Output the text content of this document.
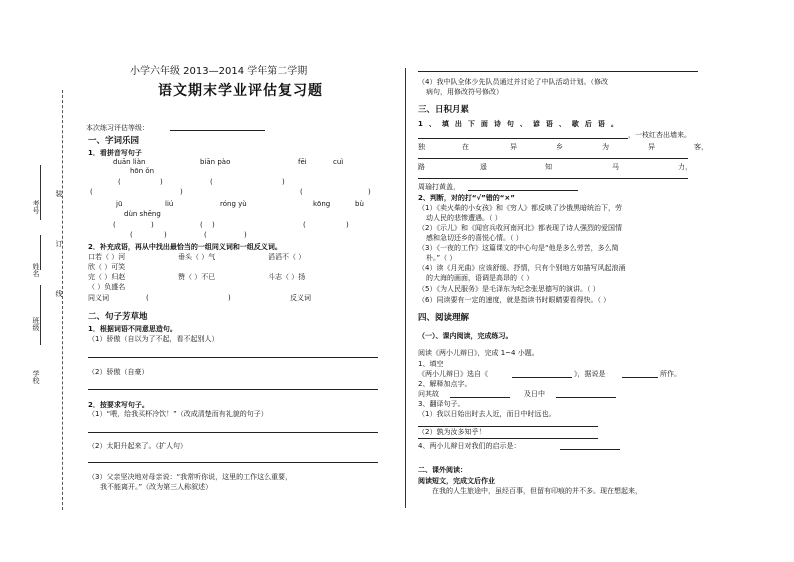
学校
班级
姓名
考号
装
订
线
小学六年级 2013—2014 学年第二学期
语文期末学业评估复习题
本次练习评估等级：
一、字词乐园
1．看拼音写句子
duān liàn	biān pào	fēi	cuì
hōn ǒn
(	)	(	)
(	)	(	)
jū	liú	róng yù	kōng	bù
dùn shēng
(	)	( )	(	)
(	)	(	)
2．补充成语，再从中找出最恰当的一组同义词和一组反义词。
口若（ ）河	垂头（ ）气	滔滔不（ ）
欣（ ）可笑
完（ ）归赵	赞（ ）不已	斗志（ ）扬
（ ）负盛名
同义词	(	)	反义词
二、句子芳草地
1．根据词语不同意思造句。
（1）骄傲（自以为了不起，看不起别人）
（2）骄傲（自豪）
2．按要求写句子。
（1）“喂，给我买杯冷饮！”（改成清楚而有礼貌的句子）
（2）太阳升起来了。（扩人句）
（3）父亲坚决地对母亲说：“我常听你说，这里的工作这么重要，
我不能离开。”（改为第三人称叙述）
（4）我中队全体少先队员通过并讨论了中队活动计划。（修改
病句，用修改符号修改）
三、日积月累
1、填出下面诗句、谚语、歇后语。
，一枝红杏出墙来。
独	在	异	乡	为	异	客，
路	遥	知	马	力，
周瑜打黄盖，
2、判断，对的打“√”错的“×”
（1）《卖火柴的小女孩》和《穷人》都反映了沙俄黑暗统治下，劳
动人民的悲惨遭遇。（ ）
（2）《示儿》和《闻官兵收河南河北》都表现了诗人强烈的爱国情
感和急切还乡的喜悦心情。（ ）
（3）《一夜的工作》这篇课文的中心句是“他是多么劳苦，多么简
朴。”（ ）
（4）读《月光曲》应该舒缓、抒情，只有个别地方如描写风起浪涌
的大海的画面，语调是高昂的（ ）
（5）《为人民服务》是毛泽东为纪念张思德写的演讲。（ ）
（6）同读要有一定的速度，就是指读书时眼睛要看得快。（ ）
四、阅读理解
（一）、课内阅读，完成练习。
阅读《两小儿辩日》，完成 1~4 小题。
1、填空
《两小儿辩日》选自《	》，据说是	所作。
2、解释加点字。
问其故	及日中
3、翻译句子。
（1）我以日始出时去人近，而日中时远也。
（2）孰为汝多知乎！
4、两小儿辩日对我们的启示是：
二、课外阅读：
阅读短文，完成文后作业
在我的人生旅途中，虽经百事，但留有印痕的并不多。现在想起来，
